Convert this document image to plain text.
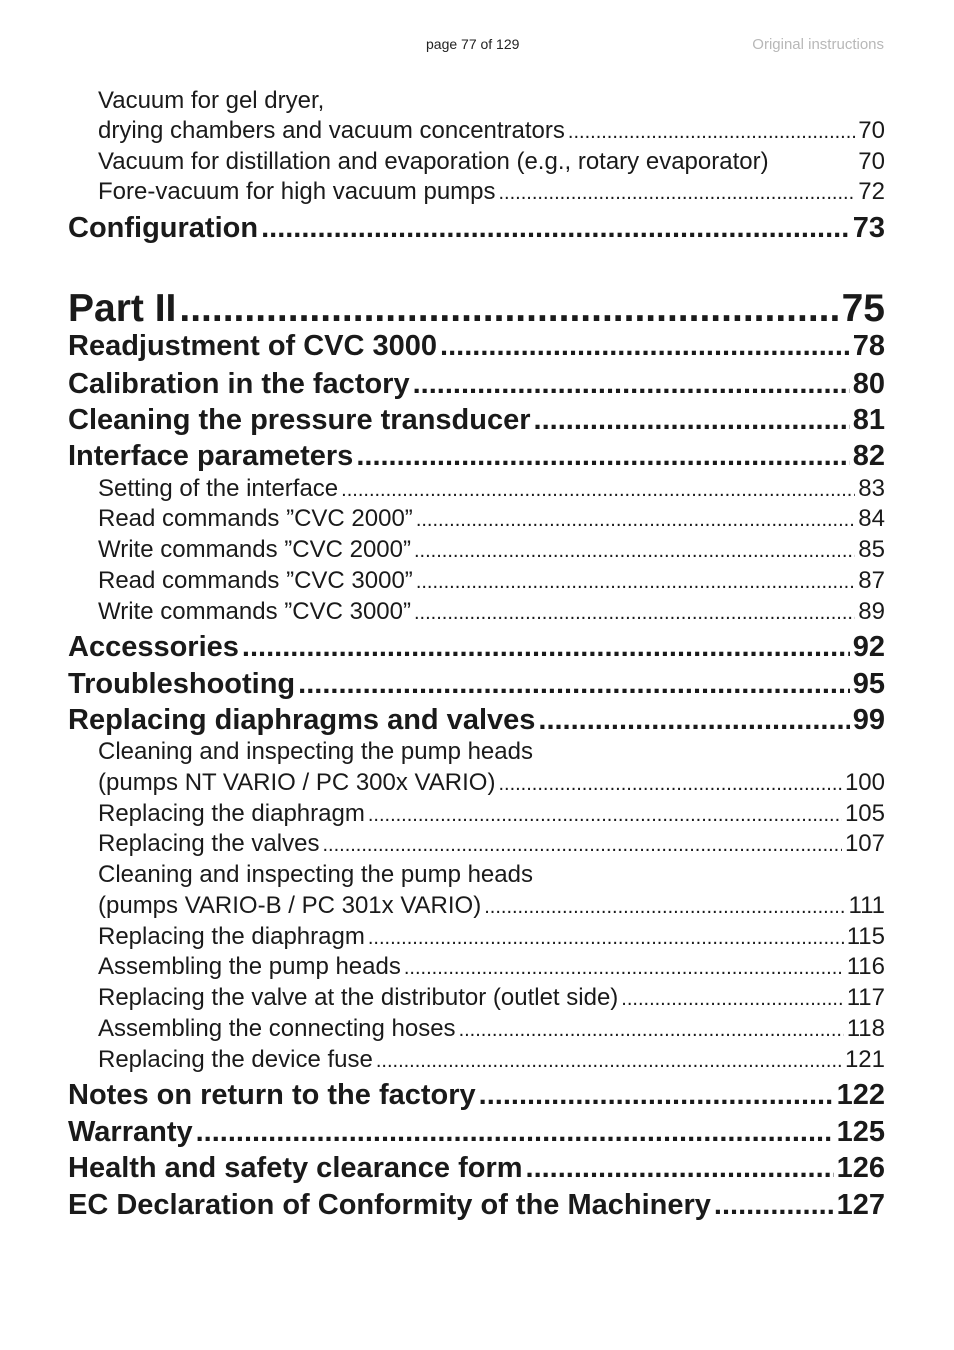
page 77 of 129	Original instructions
Vacuum for gel dryer,
drying chambers and vacuum concentrators .....	70
Vacuum for distillation and evaporation (e.g., rotary evaporator)	70
Fore-vacuum for high vacuum pumps .....	72
Configuration .....	73
Part II .....	75
Readjustment of CVC 3000 .....	78
Calibration in the factory .....	80
Cleaning the pressure transducer .....	81
Interface parameters .....	82
Setting of the interface .....	83
Read commands ”CVC 2000” .....	84
Write commands ”CVC 2000” .....	85
Read commands ”CVC 3000” .....	87
Write commands ”CVC 3000” .....	89
Accessories .....	92
Troubleshooting .....	95
Replacing diaphragms and valves .....	99
Cleaning and inspecting the pump heads
(pumps NT VARIO / PC 300x VARIO) .....	100
Replacing the diaphragm .....	105
Replacing the valves .....	107
Cleaning and inspecting the pump heads
(pumps VARIO-B / PC 301x VARIO) .....	111
Replacing the diaphragm .....	115
Assembling the pump heads .....	116
Replacing the valve at the distributor (outlet side) .....	117
Assembling the connecting hoses .....	118
Replacing the device fuse .....	121
Notes on return to the factory .....	122
Warranty .....	125
Health and safety clearance form .....	126
EC Declaration of Conformity of the Machinery .....	127
